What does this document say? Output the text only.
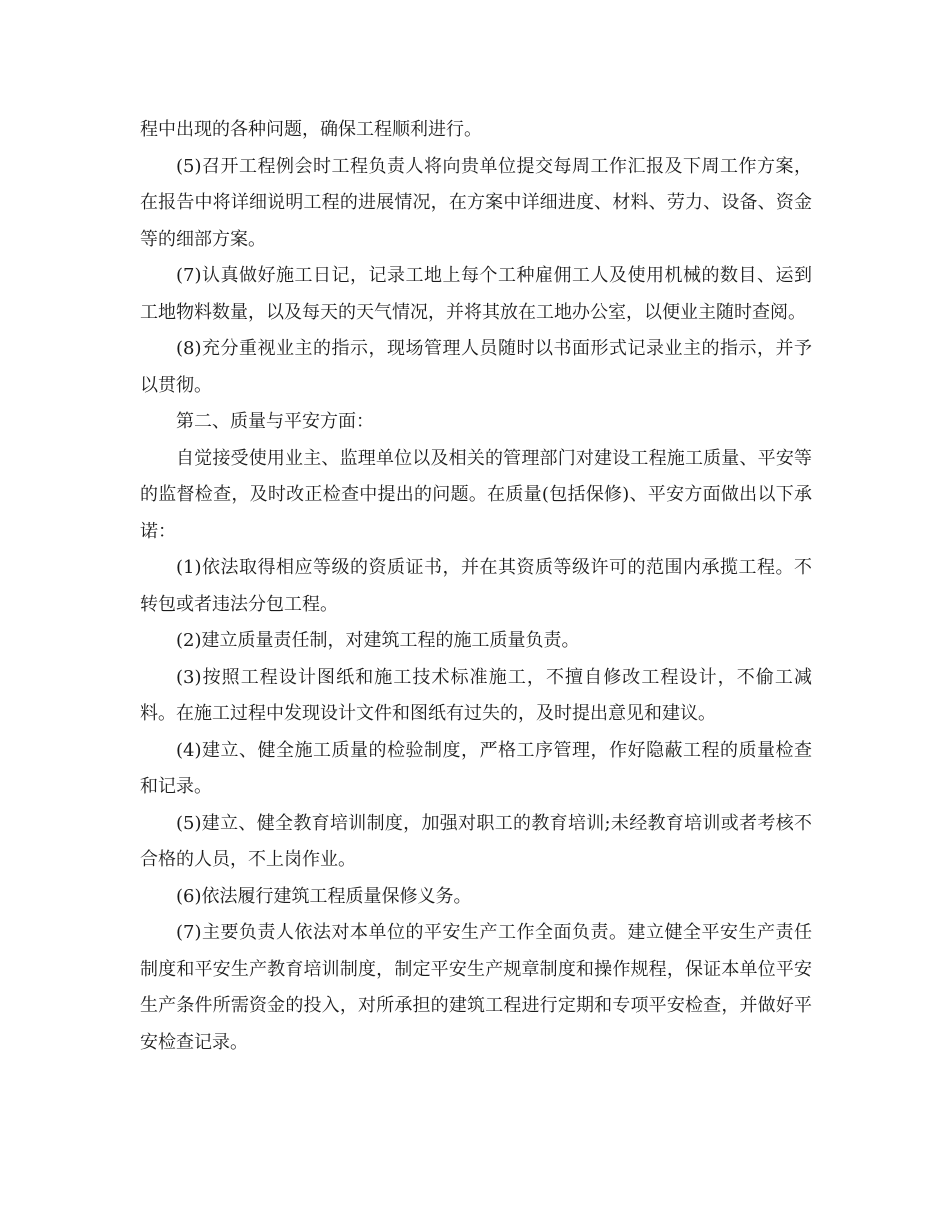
程中出现的各种问题，确保工程顺利进行。

(5)召开工程例会时工程负责人将向贵单位提交每周工作汇报及下周工作方案，在报告中将详细说明工程的进展情况，在方案中详细进度、材料、劳力、设备、资金等的细部方案。

(7)认真做好施工日记，记录工地上每个工种雇佣工人及使用机械的数目、运到工地物料数量，以及每天的天气情况，并将其放在工地办公室，以便业主随时查阅。

(8)充分重视业主的指示，现场管理人员随时以书面形式记录业主的指示，并予以贯彻。

第二、质量与平安方面：

自觉接受使用业主、监理单位以及相关的管理部门对建设工程施工质量、平安等的监督检查，及时改正检查中提出的问题。在质量(包括保修)、平安方面做出以下承诺：

(1)依法取得相应等级的资质证书，并在其资质等级许可的范围内承揽工程。不转包或者违法分包工程。

(2)建立质量责任制，对建筑工程的施工质量负责。

(3)按照工程设计图纸和施工技术标准施工，不擅自修改工程设计，不偷工减料。在施工过程中发现设计文件和图纸有过失的，及时提出意见和建议。

(4)建立、健全施工质量的检验制度，严格工序管理，作好隐蔽工程的质量检查和记录。

(5)建立、健全教育培训制度，加强对职工的教育培训;未经教育培训或者考核不合格的人员，不上岗作业。

(6)依法履行建筑工程质量保修义务。

(7)主要负责人依法对本单位的平安生产工作全面负责。建立健全平安生产责任制度和平安生产教育培训制度，制定平安生产规章制度和操作规程，保证本单位平安生产条件所需资金的投入，对所承担的建筑工程进行定期和专项平安检查，并做好平安检查记录。
